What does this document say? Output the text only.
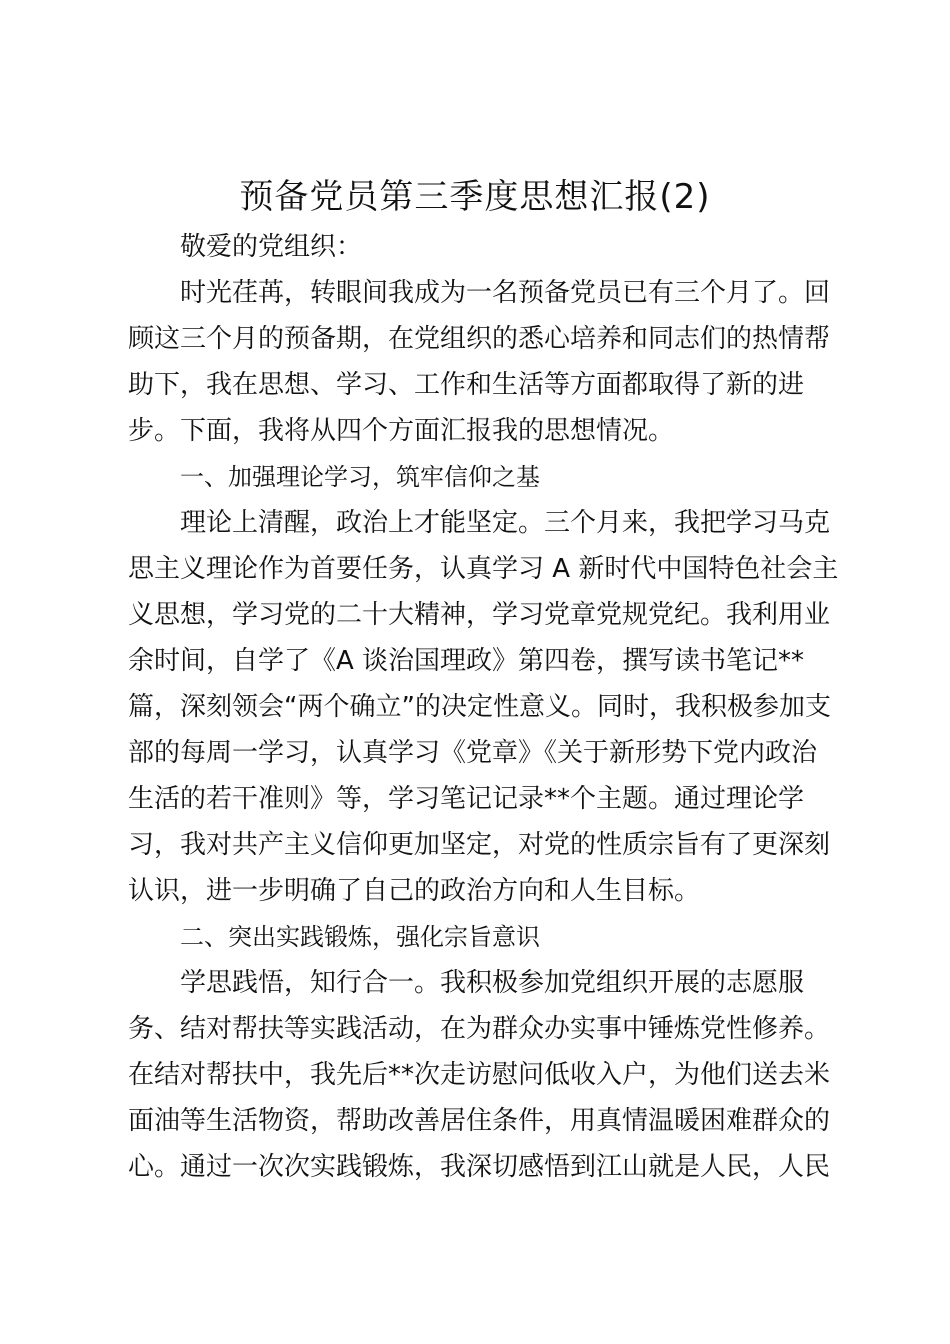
预备党员第三季度思想汇报(2)

敬爱的党组织：

时光荏苒，转眼间我成为一名预备党员已有三个月了。回
顾这三个月的预备期，在党组织的悉心培养和同志们的热情帮
助下，我在思想、学习、工作和生活等方面都取得了新的进
步。下面，我将从四个方面汇报我的思想情况。

一、加强理论学习，筑牢信仰之基

理论上清醒，政治上才能坚定。三个月来，我把学习马克
思主义理论作为首要任务，认真学习 A 新时代中国特色社会主
义思想，学习党的二十大精神，学习党章党规党纪。我利用业
余时间，自学了《A 谈治国理政》第四卷，撰写读书笔记**
篇，深刻领会“两个确立”的决定性意义。同时，我积极参加支
部的每周一学习，认真学习《党章》《关于新形势下党内政治
生活的若干准则》等，学习笔记记录**个主题。通过理论学
习，我对共产主义信仰更加坚定，对党的性质宗旨有了更深刻
认识，进一步明确了自己的政治方向和人生目标。

二、突出实践锻炼，强化宗旨意识

学思践悟，知行合一。我积极参加党组织开展的志愿服
务、结对帮扶等实践活动，在为群众办实事中锤炼党性修养。
在结对帮扶中，我先后**次走访慰问低收入户，为他们送去米
面油等生活物资，帮助改善居住条件，用真情温暖困难群众的
心。通过一次次实践锻炼，我深切感悟到江山就是人民，人民
